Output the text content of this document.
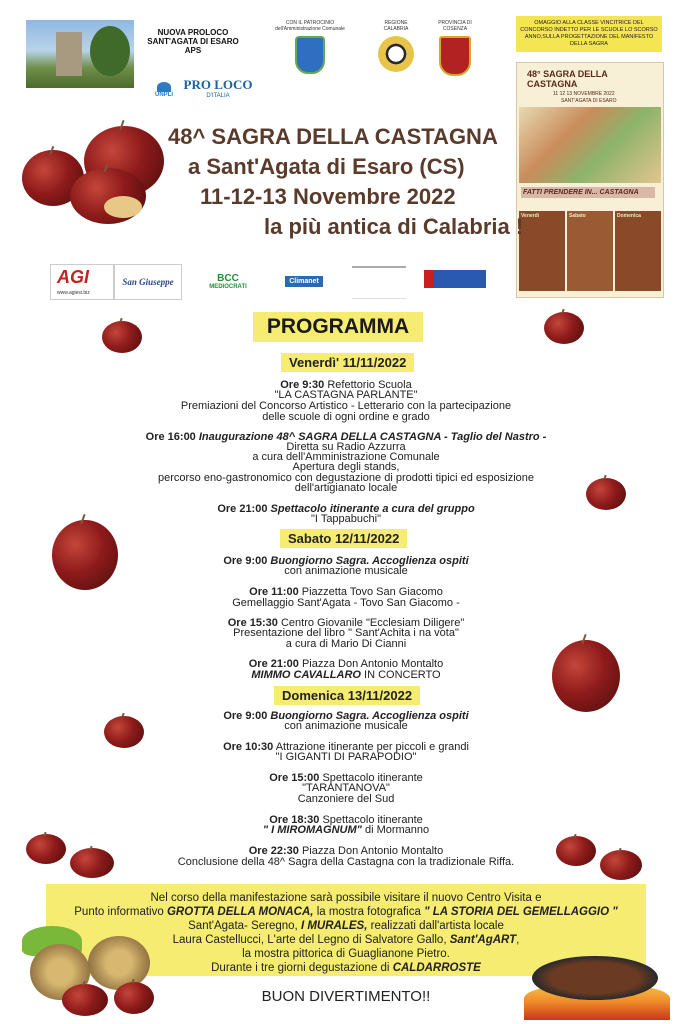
NUOVA PROLOCO
SANT'AGATA DI ESARO
APS
UNPLI
PRO LOCO
D'ITALIA
CON IL PATROCINIO dell'Amministrazione Comunale
REGIONE CALABRIA
PROVINCIA DI COSENZA
OMAGGIO ALLA CLASSE VINCITRICE DEL CONCORSO INDETTO PER LE SCUOLE LO SCORSO ANNO,SULLA PROGETTAZIONE DEL MANIFESTO DELLA SAGRA
48° SAGRA DELLA CASTAGNA
11 12 13 NOVEMBRE 2022
SANT'AGATA DI ESARO
FATTI PRENDERE IN... CASTAGNA
Venerdì	Sabato	Domenica
48^ SAGRA DELLA CASTAGNA
a Sant'Agata di Esaro (CS)
11-12-13 Novembre 2022
la più antica di Calabria !
AGI
www.agiesi.biz
San Giuseppe	BCC
MEDIOCRATI
Climanet
PROGRAMMA
Venerdì' 11/11/2022
Ore 9:30 Refettorio Scuola
"LA CASTAGNA PARLANTE"
Premiazioni del Concorso Artistico - Letterario con la partecipazione
delle scuole di ogni ordine e grado
Ore 16:00 Inaugurazione 48^ SAGRA DELLA CASTAGNA - Taglio del Nastro -
Diretta su Radio Azzurra
a cura dell'Amministrazione Comunale
Apertura degli stands,
percorso eno-gastronomico con degustazione di prodotti tipici ed esposizione
dell'artigianato locale
Ore 21:00 Spettacolo itinerante a cura del gruppo
"I Tappabuchi"
Sabato 12/11/2022
Ore 9:00 Buongiorno Sagra. Accoglienza ospiti
con animazione musicale
Ore 11:00 Piazzetta Tovo San Giacomo
Gemellaggio Sant'Agata - Tovo San Giacomo -
Ore 15:30 Centro Giovanile "Ecclesiam Diligere"
Presentazione del libro " Sant'Achita i na vota"
a cura di Mario Di Cianni
Ore 21:00 Piazza Don Antonio Montalto
MIMMO CAVALLARO IN CONCERTO
Domenica 13/11/2022
Ore 9:00 Buongiorno Sagra. Accoglienza ospiti
con animazione musicale
Ore 10:30 Attrazione itinerante per piccoli e grandi
"I GIGANTI DI PARAPODIO"
Ore 15:00 Spettacolo itinerante
"TARANTANOVA"
Canzoniere del Sud
Ore 18:30 Spettacolo itinerante
" I MIROMAGNUM" di Mormanno
Ore 22:30 Piazza Don Antonio Montalto
Conclusione della 48^ Sagra della Castagna con la tradizionale Riffa.
Nel corso della manifestazione sarà possibile visitare il nuovo Centro Visita e
Punto informativo GROTTA DELLA MONACA, la mostra fotografica " LA STORIA DEL GEMELLAGGIO "
Sant'Agata- Seregno, I MURALES, realizzati dall'artista locale
Laura Castellucci, L'arte del Legno di Salvatore Gallo, Sant'AgART,
la mostra pittorica di Guaglianone Pietro.
Durante i tre giorni degustazione di CALDARROSTE
BUON DIVERTIMENTO!!
